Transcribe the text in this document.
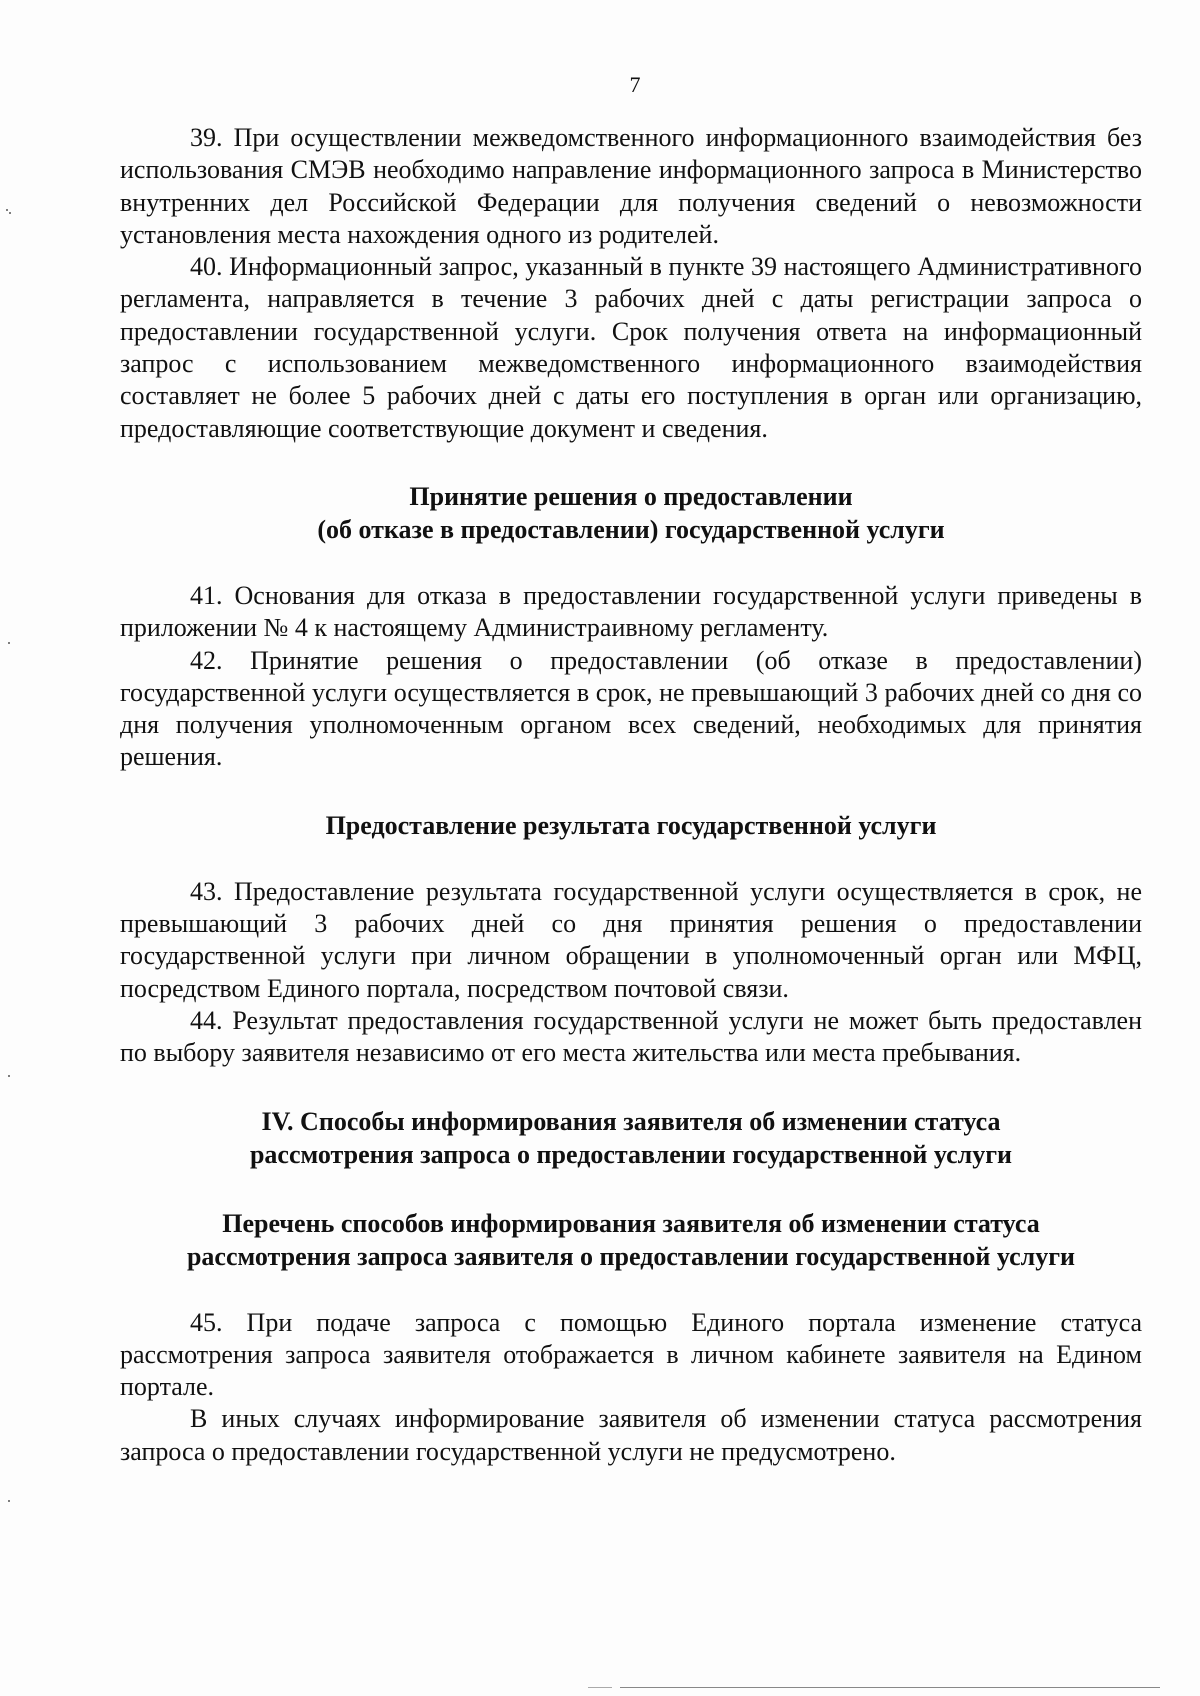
7

39. При осуществлении межведомственного информационного взаимодействия без использования СМЭВ необходимо направление информационного запроса в Министерство внутренних дел Российской Федерации для получения сведений о невозможности установления места нахождения одного из родителей.

40. Информационный запрос, указанный в пункте 39 настоящего Административного регламента, направляется в течение 3 рабочих дней с даты регистрации запроса о предоставлении государственной услуги. Срок получения ответа на информационный запрос с использованием межведомственного информационного взаимодействия составляет не более 5 рабочих дней с даты его поступления в орган или организацию, предоставляющие соответствующие документ и сведения.

Принятие решения о предоставлении
(об отказе в предоставлении) государственной услуги

41. Основания для отказа в предоставлении государственной услуги приведены в приложении № 4 к настоящему Администраивному регламенту.

42. Принятие решения о предоставлении (об отказе в предоставлении) государственной услуги осуществляется в срок, не превышающий 3 рабочих дней со дня со дня получения уполномоченным органом всех сведений, необходимых для принятия решения.

Предоставление результата государственной услуги

43. Предоставление результата государственной услуги осуществляется в срок, не превышающий 3 рабочих дней со дня принятия решения о предоставлении государственной услуги при личном обращении в уполномоченный орган или МФЦ, посредством Единого портала, посредством почтовой связи.

44. Результат предоставления государственной услуги не может быть предоставлен по выбору заявителя независимо от его места жительства или места пребывания.

IV. Способы информирования заявителя об изменении статуса
рассмотрения запроса о предоставлении государственной услуги
Перечень способов информирования заявителя об изменении статуса
рассмотрения запроса заявителя о предоставлении государственной услуги

45. При подаче запроса с помощью Единого портала изменение статуса рассмотрения запроса заявителя отображается в личном кабинете заявителя на Едином портале.

В иных случаях информирование заявителя об изменении статуса рассмотрения запроса о предоставлении государственной услуги не предусмотрено.
